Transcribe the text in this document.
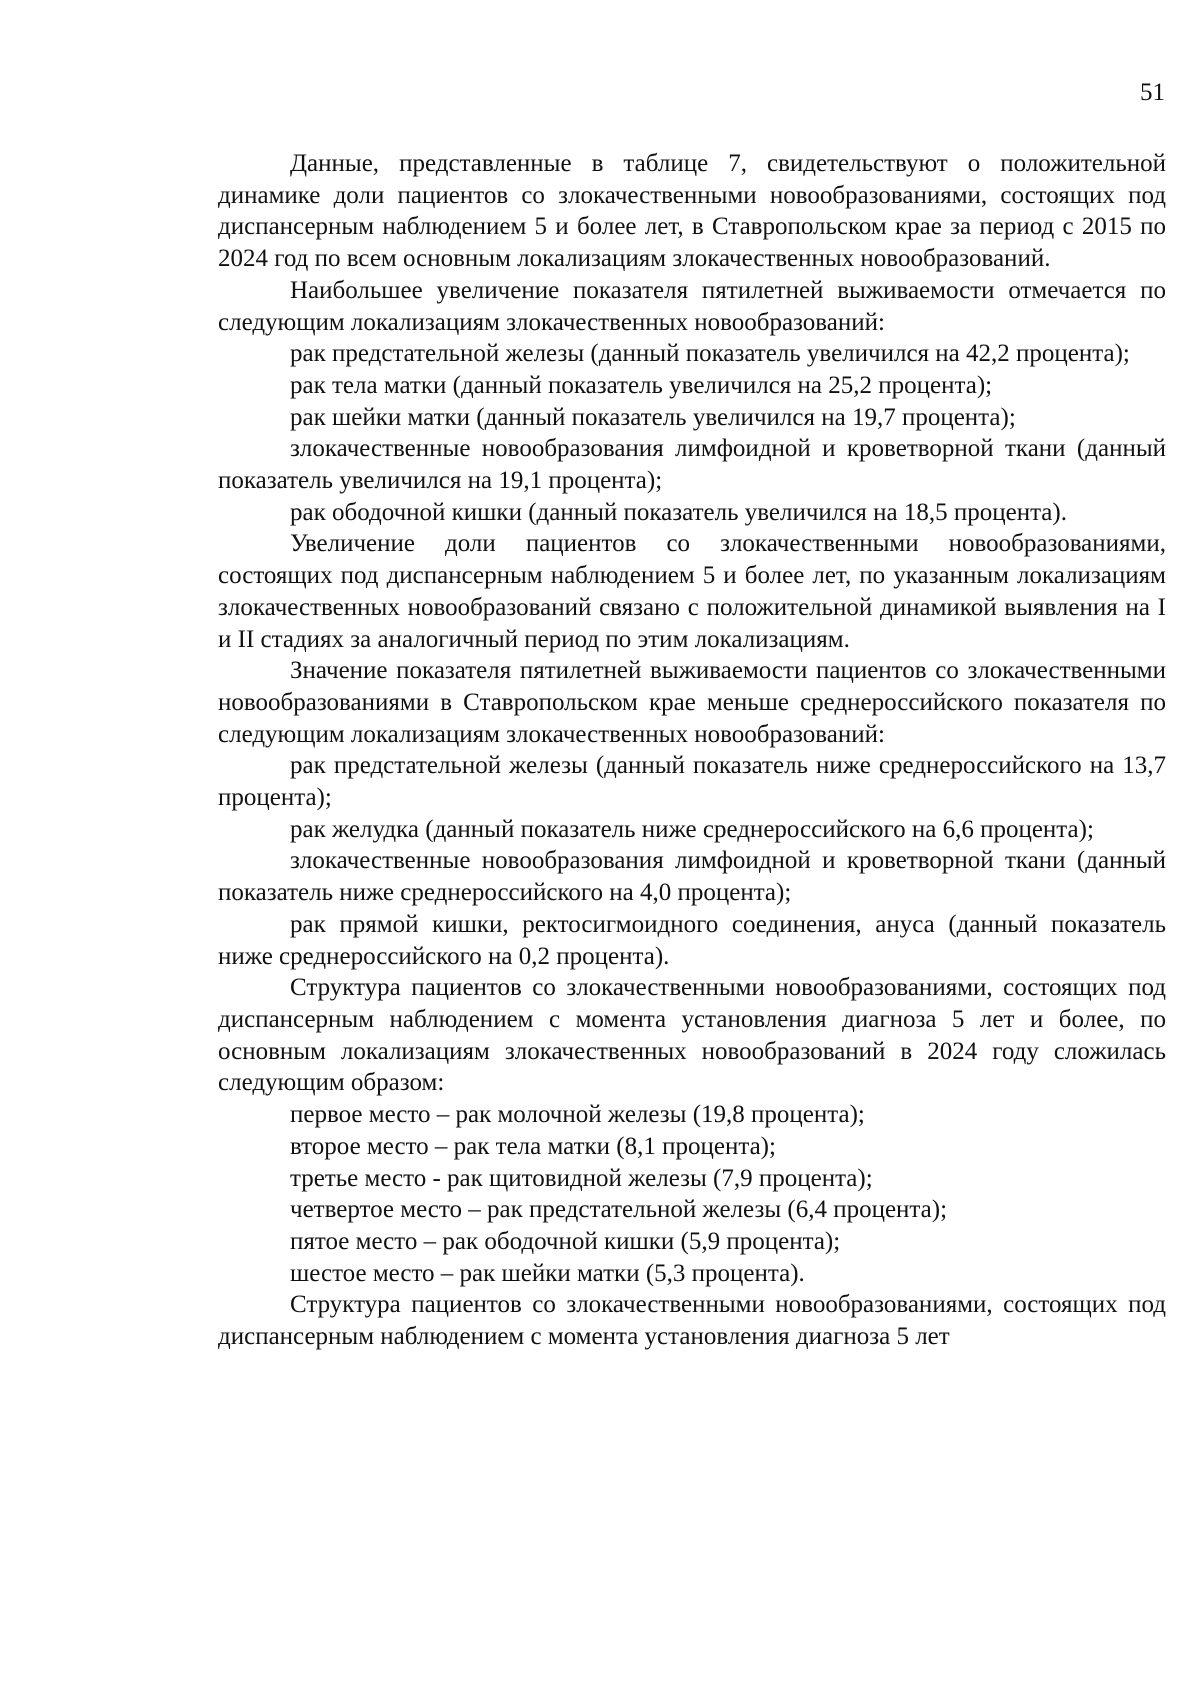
51

Данные, представленные в таблице 7, свидетельствуют о положительной динамике доли пациентов со злокачественными новообразованиями, состоящих под диспансерным наблюдением 5 и более лет, в Ставропольском крае за период с 2015 по 2024 год по всем основным локализациям злокачественных новообразований.

Наибольшее увеличение показателя пятилетней выживаемости отмечается по следующим локализациям злокачественных новообразований:

рак предстательной железы (данный показатель увеличился на 42,2 процента);

рак тела матки (данный показатель увеличился на 25,2 процента);

рак шейки матки (данный показатель увеличился на 19,7 процента);

злокачественные новообразования лимфоидной и кроветворной ткани (данный показатель увеличился на 19,1 процента);

рак ободочной кишки (данный показатель увеличился на 18,5 процента).

Увеличение доли пациентов со злокачественными новообразованиями, состоящих под диспансерным наблюдением 5 и более лет, по указанным локализациям злокачественных новообразований связано с положительной динамикой выявления на I и II стадиях за аналогичный период по этим локализациям.

Значение показателя пятилетней выживаемости пациентов со злокачественными новообразованиями в Ставропольском крае меньше среднероссийского показателя по следующим локализациям злокачественных новообразований:

рак предстательной железы (данный показатель ниже среднероссийского на 13,7 процента);

рак желудка (данный показатель ниже среднероссийского на 6,6 процента);

злокачественные новообразования лимфоидной и кроветворной ткани (данный показатель ниже среднероссийского на 4,0 процента);

рак прямой кишки, ректосигмоидного соединения, ануса (данный показатель ниже среднероссийского на 0,2 процента).

Структура пациентов со злокачественными новообразованиями, состоящих под диспансерным наблюдением с момента установления диагноза 5 лет и более, по основным локализациям злокачественных новообразований в 2024 году сложилась следующим образом:

первое место – рак молочной железы (19,8 процента);

второе место – рак тела матки (8,1 процента);

третье место - рак щитовидной железы (7,9 процента);

четвертое место – рак предстательной железы (6,4 процента);

пятое место – рак ободочной кишки (5,9 процента);

шестое место – рак шейки матки (5,3 процента).

Структура пациентов со злокачественными новообразованиями, состоящих под диспансерным наблюдением с момента установления диагноза 5 лет
